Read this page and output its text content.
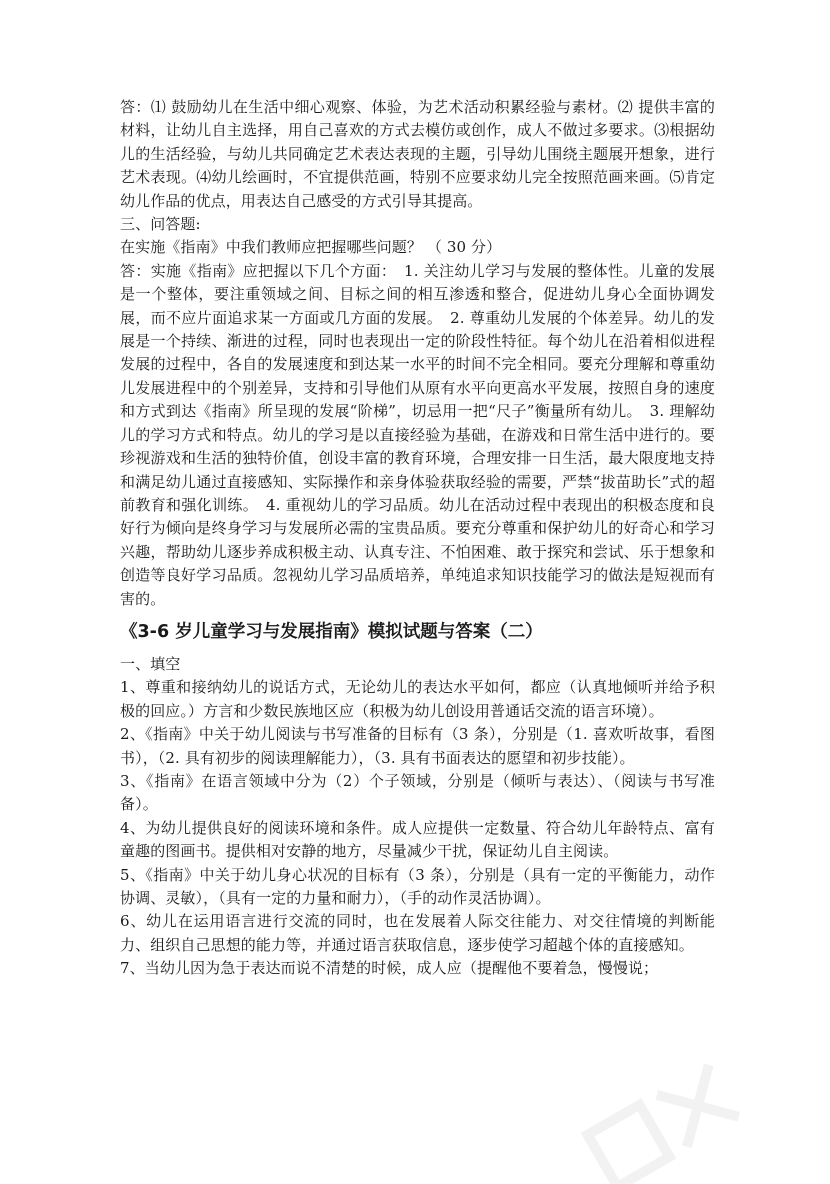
答：⑴ 鼓励幼儿在生活中细心观察、体验，为艺术活动积累经验与素材。⑵ 提供丰富的材料，让幼儿自主选择，用自己喜欢的方式去模仿或创作，成人不做过多要求。⑶根据幼儿的生活经验，与幼儿共同确定艺术表达表现的主题，引导幼儿围绕主题展开想象，进行艺术表现。⑷幼儿绘画时，不宜提供范画，特别不应要求幼儿完全按照范画来画。⑸肯定幼儿作品的优点，用表达自己感受的方式引导其提高。

三、问答题:

在实施《指南》中我们教师应把握哪些问题？ （ 30 分）

答：实施《指南》应把握以下几个方面：　1. 关注幼儿学习与发展的整体性。儿童的发展是一个整体，要注重领域之间、目标之间的相互渗透和整合，促进幼儿身心全面协调发展，而不应片面追求某一方面或几方面的发展。　2. 尊重幼儿发展的个体差异。幼儿的发展是一个持续、渐进的过程，同时也表现出一定的阶段性特征。每个幼儿在沿着相似进程发展的过程中，各自的发展速度和到达某一水平的时间不完全相同。要充分理解和尊重幼儿发展进程中的个别差异，支持和引导他们从原有水平向更高水平发展，按照自身的速度和方式到达《指南》所呈现的发展“阶梯”，切忌用一把“尺子”衡量所有幼儿。　3. 理解幼儿的学习方式和特点。幼儿的学习是以直接经验为基础，在游戏和日常生活中进行的。要珍视游戏和生活的独特价值，创设丰富的教育环境，合理安排一日生活，最大限度地支持和满足幼儿通过直接感知、实际操作和亲身体验获取经验的需要，严禁“拔苗助长”式的超前教育和强化训练。　4. 重视幼儿的学习品质。幼儿在活动过程中表现出的积极态度和良好行为倾向是终身学习与发展所必需的宝贵品质。要充分尊重和保护幼儿的好奇心和学习兴趣，帮助幼儿逐步养成积极主动、认真专注、不怕困难、敢于探究和尝试、乐于想象和创造等良好学习品质。忽视幼儿学习品质培养，单纯追求知识技能学习的做法是短视而有害的。

《3-6 岁儿童学习与发展指南》模拟试题与答案（二）

一、填空

1、尊重和接纳幼儿的说话方式，无论幼儿的表达水平如何，都应（认真地倾听并给予积极的回应。）方言和少数民族地区应（积极为幼儿创设用普通话交流的语言环境）。

2、《指南》中关于幼儿阅读与书写准备的目标有（3 条），分别是（1. 喜欢听故事，看图书），（2. 具有初步的阅读理解能力），（3. 具有书面表达的愿望和初步技能）。

3、《指南》在语言领域中分为（2）个子领域，分别是（倾听与表达）、（阅读与书写准备）。

4、为幼儿提供良好的阅读环境和条件。成人应提供一定数量、符合幼儿年龄特点、富有童趣的图画书。提供相对安静的地方，尽量减少干扰，保证幼儿自主阅读。

5、《指南》中关于幼儿身心状况的目标有（3 条），分别是（具有一定的平衡能力，动作协调、灵敏），（具有一定的力量和耐力），（手的动作灵活协调）。

6、幼儿在运用语言进行交流的同时，也在发展着人际交往能力、对交往情境的判断能力、组织自己思想的能力等，并通过语言获取信息，逐步使学习超越个体的直接感知。

7、当幼儿因为急于表达而说不清楚的时候，成人应（提醒他不要着急，慢慢说；
